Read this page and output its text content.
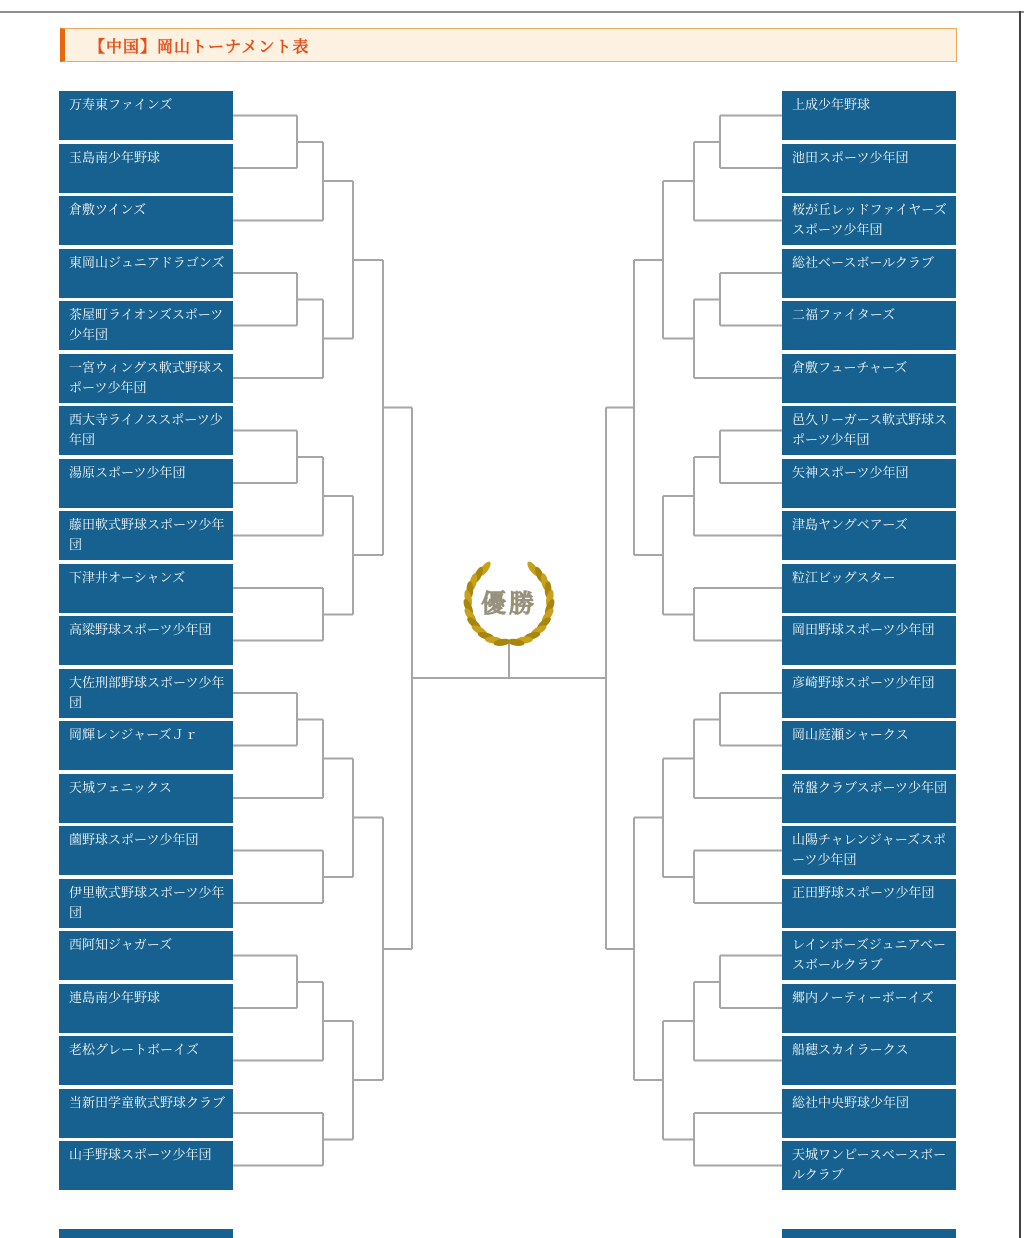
【中国】岡山トーナメント表
優勝
万寿東ファインズ
玉島南少年野球
倉敷ツインズ
東岡山ジュニアドラゴンズ
茶屋町ライオンズスポーツ少年団
一宮ウィングス軟式野球スポーツ少年団
西大寺ライノススポーツ少年団
湯原スポーツ少年団
藤田軟式野球スポーツ少年団
下津井オーシャンズ
高梁野球スポーツ少年団
大佐刑部野球スポーツ少年団
岡輝レンジャーズＪｒ
天城フェニックス
薗野球スポーツ少年団
伊里軟式野球スポーツ少年団
西阿知ジャガーズ
連島南少年野球
老松グレートボーイズ
当新田学童軟式野球クラブ
山手野球スポーツ少年団
上成少年野球
池田スポーツ少年団
桜が丘レッドファイヤーズスポーツ少年団
総社ベースボールクラブ
二福ファイターズ
倉敷フューチャーズ
邑久リーガース軟式野球スポーツ少年団
矢神スポーツ少年団
津島ヤングベアーズ
粒江ビッグスター
岡田野球スポーツ少年団
彦崎野球スポーツ少年団
岡山庭瀬シャークス
常盤クラブスポーツ少年団
山陽チャレンジャーズスポーツ少年団
正田野球スポーツ少年団
レインボーズジュニアベースボールクラブ
郷内ノーティーボーイズ
船穂スカイラークス
総社中央野球少年団
天城ワンピースベースボールクラブ
